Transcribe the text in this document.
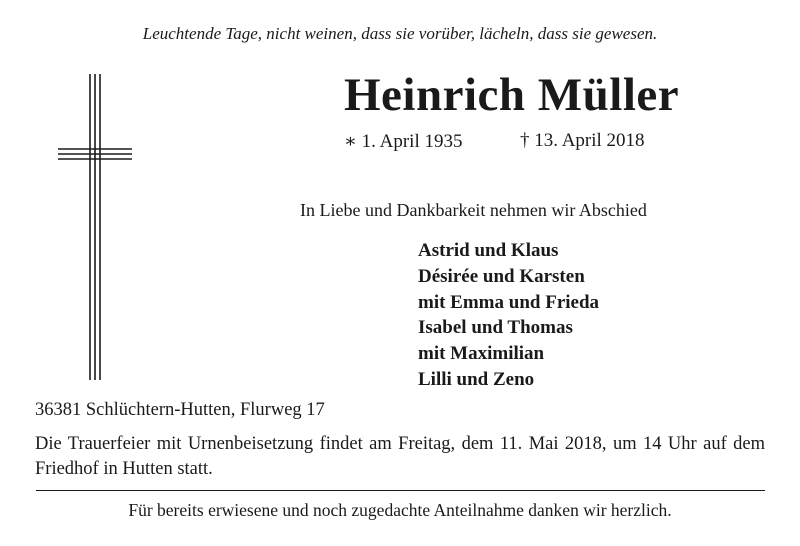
Leuchtende Tage, nicht weinen, dass sie vorüber, lächeln, dass sie gewesen.
Heinrich Müller
∗ 1. April 1935	† 13. April 2018
In Liebe und Dankbarkeit nehmen wir Abschied
Astrid und Klaus
Désirée und Karsten
mit Emma und Frieda
Isabel und Thomas
mit Maximilian
Lilli und Zeno
36381 Schlüchtern-Hutten, Flurweg 17

Die Trauerfeier mit Urnenbeisetzung findet am Freitag, dem 11. Mai 2018, um 14 Uhr auf dem Friedhof in Hutten statt.

Für bereits erwiesene und noch zugedachte Anteilnahme danken wir herzlich.
